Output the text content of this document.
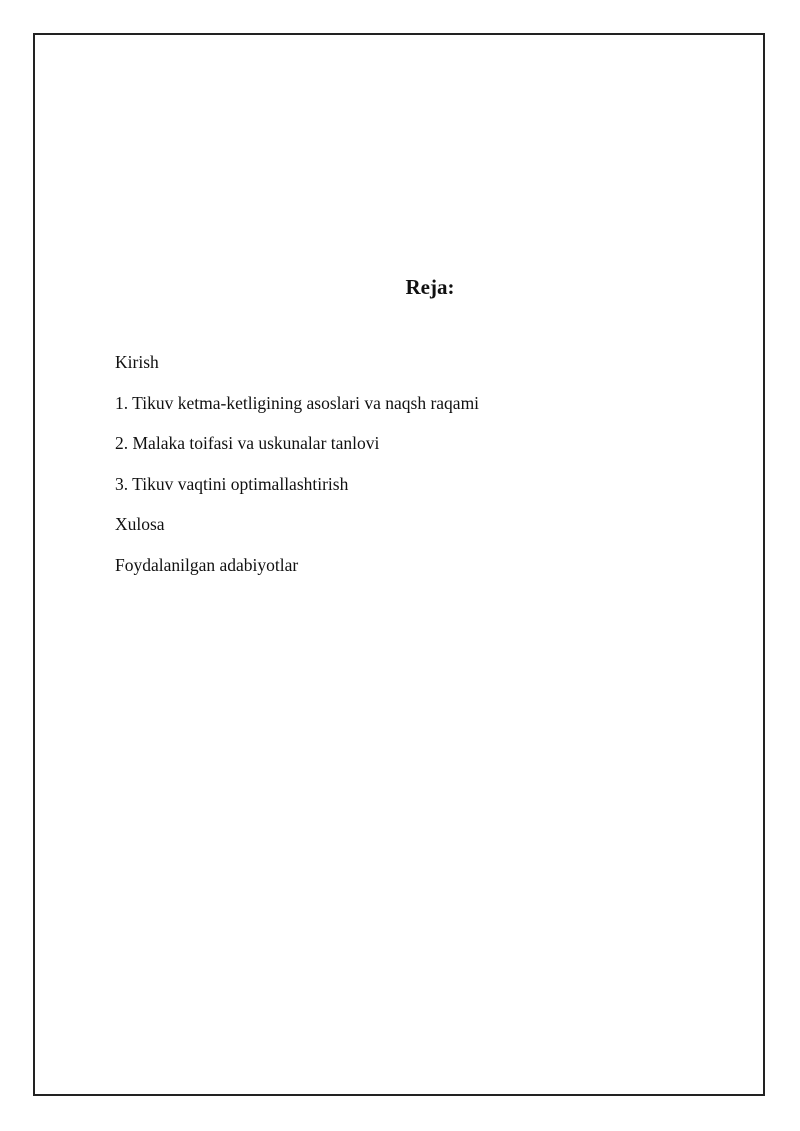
Reja:
Kirish
1. Tikuv ketma-ketligining asoslari va naqsh raqami
2. Malaka toifasi va uskunalar tanlovi
3. Tikuv vaqtini optimallashtirish
Xulosa
Foydalanilgan adabiyotlar
